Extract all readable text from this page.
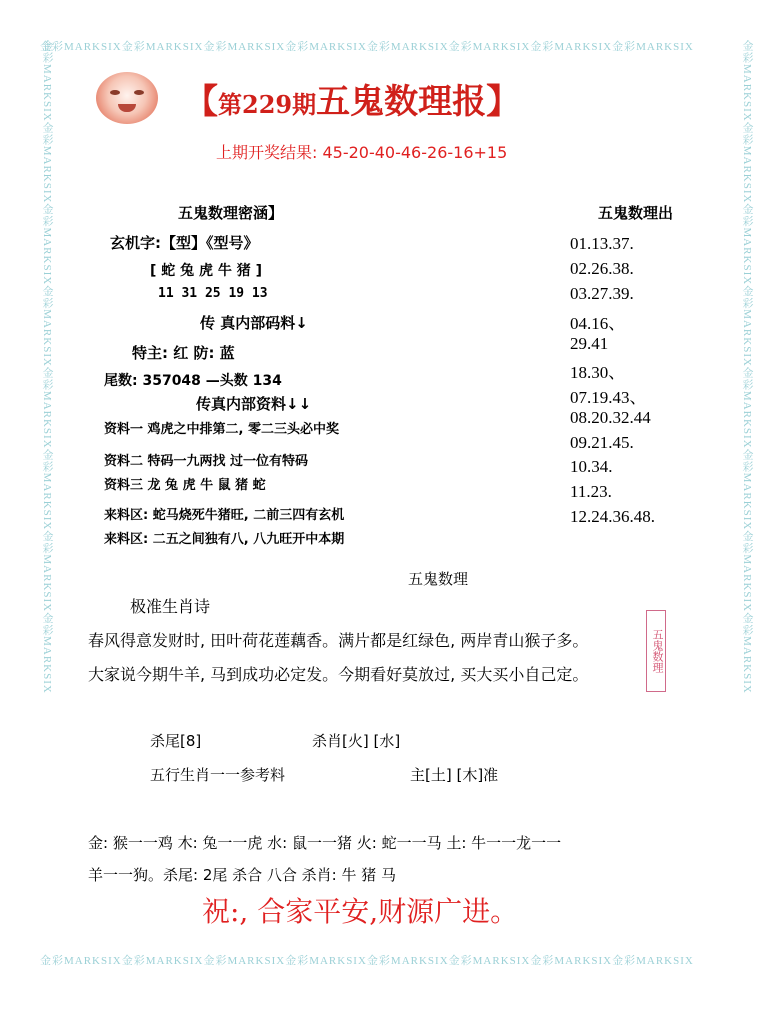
金彩MARKSIX金彩MARKSIX金彩MARKSIX金彩MARKSIX金彩MARKSIX金彩MARKSIX金彩MARKSIX金彩MARKSIX
金彩MARKSIX金彩MARKSIX金彩MARKSIX金彩MARKSIX金彩MARKSIX金彩MARKSIX金彩MARKSIX金彩MARKSIX
金彩MARKSIX金彩MARKSIX金彩MARKSIX金彩MARKSIX金彩MARKSIX金彩MARKSIX金彩MARKSIX金彩MARKSIX	金彩MARKSIX金彩MARKSIX金彩MARKSIX金彩MARKSIX金彩MARKSIX金彩MARKSIX金彩MARKSIX金彩MARKSIX
【第229期五鬼数理报】
上期开奖结果: 45-20-40-46-26-16+15
五鬼数理密涵】
玄机字:【型】《型号》
[ 蛇 兔 虎 牛 猪 ]
11 31 25 19 13
传 真内部码料↓
特主: 红 防: 蓝
尾数: 357048 —头数 134
传真内部资料↓↓
资料一 鸡虎之中排第二, 零二三头必中奖
资料二 特码一九两找 过一位有特码
资料三 龙 兔 虎 牛 鼠 猪 蛇
来料区: 蛇马烧死牛猪旺, 二前三四有玄机
来料区: 二五之间独有八, 八九旺开中本期
五鬼数理出
01.13.37.
02.26.38.
03.27.39.
04.16、
29.41
18.30、
07.19.43、
08.20.32.44
09.21.45.
10.34.
11.23.
12.24.36.48.
五鬼数理
极准生肖诗
春风得意发财时, 田叶荷花莲藕香。满片都是红绿色, 两岸青山猴子多。
大家说今期牛羊, 马到成功必定发。今期看好莫放过, 买大买小自己定。
五鬼数理
杀尾[8]	杀肖[火] [水]
五行生肖一一参考料	主[土] [木]准
金: 猴一一鸡 木: 兔一一虎 水: 鼠一一猪 火: 蛇一一马 土: 牛一一龙一一
羊一一狗。杀尾: 2尾 杀合 八合 杀肖: 牛 猪 马
祝:, 合家平安,财源广进。
